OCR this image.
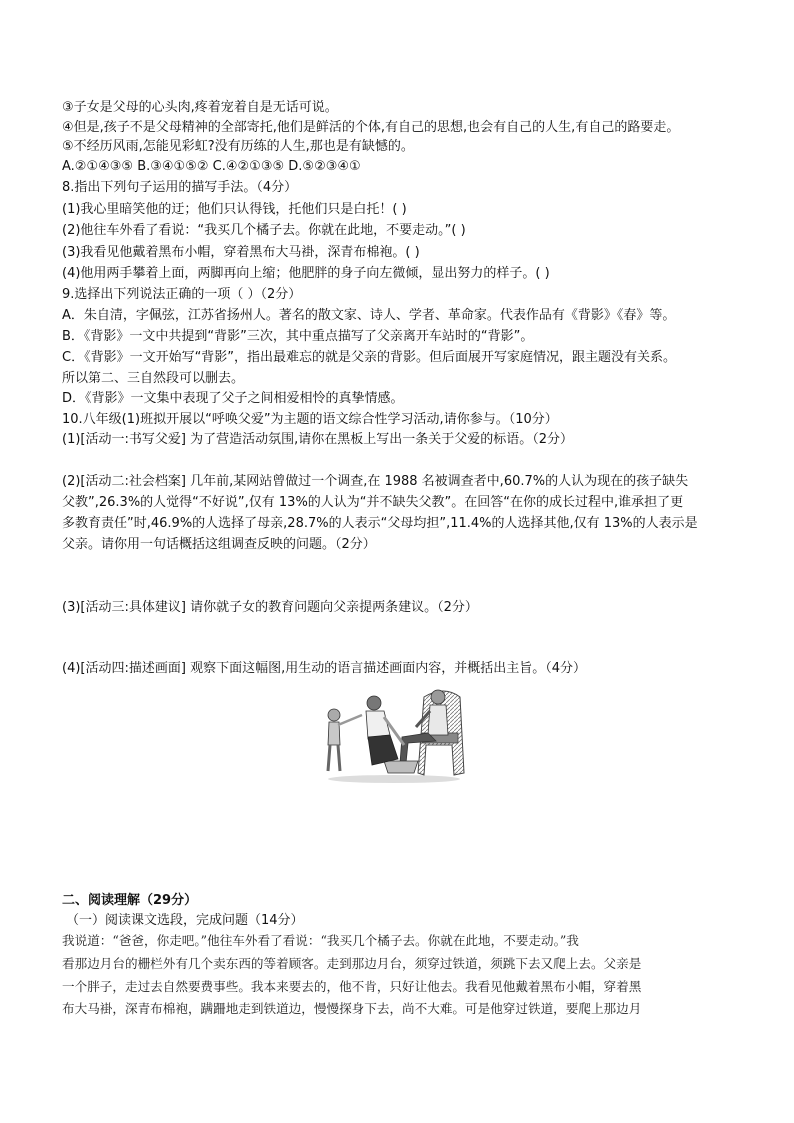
③子女是父母的心头肉,疼着宠着自是无话可说。
④但是,孩子不是父母精神的全部寄托,他们是鲜活的个体,有自己的思想,也会有自己的人生,有自己的路要走。
⑤不经历风雨,怎能见彩虹?没有历练的人生,那也是有缺憾的。
A.②①④③⑤ B.③④①⑤② C.④②①③⑤ D.⑤②③④①
8.指出下列句子运用的描写手法。（4分）
(1)我心里暗笑他的迂；他们只认得钱，托他们只是白托！( )
(2)他往车外看了看说：“我买几个橘子去。你就在此地，不要走动。”( )
(3)我看见他戴着黑布小帽，穿着黑布大马褂，深青布棉袍。( )
(4)他用两手攀着上面，两脚再向上缩；他肥胖的身子向左微倾，显出努力的样子。( )
9.选择出下列说法正确的一项（ ）（2分）
A．朱自清，字佩弦，江苏省扬州人。著名的散文家、诗人、学者、革命家。代表作品有《背影》《春》等。
B．《背影》一文中共提到“背影”三次，其中重点描写了父亲离开车站时的“背影”。
C．《背影》一文开始写“背影”，指出最难忘的就是父亲的背影。但后面展开写家庭情况，跟主题没有关系。
所以第二、三自然段可以删去。
D．《背影》一文集中表现了父子之间相爱相怜的真挚情感。
10.八年级(1)班拟开展以“呼唤父爱”为主题的语文综合性学习活动,请你参与。（10分）
(1)[活动一:书写父爱] 为了营造活动氛围,请你在黑板上写出一条关于父爱的标语。（2分）
(2)[活动二:社会档案] 几年前,某网站曾做过一个调查,在 1988 名被调查者中,60.7%的人认为现在的孩子缺失
父教”,26.3%的人觉得“不好说”,仅有 13%的人认为“并不缺失父教”。在回答“在你的成长过程中,谁承担了更
多教育责任”时,46.9%的人选择了母亲,28.7%的人表示“父母均担”,11.4%的人选择其他,仅有 13%的人表示是
父亲。请你用一句话概括这组调查反映的问题。（2分）
(3)[活动三:具体建议] 请你就子女的教育问题向父亲提两条建议。（2分）
(4)[活动四:描述画面] 观察下面这幅图,用生动的语言描述画面内容，并概括出主旨。（4分）
二、阅读理解（29分）
（一）阅读课文选段，完成问题（14分）
我说道：“爸爸，你走吧。”他往车外看了看说：“我买几个橘子去。你就在此地，不要走动。”我
看那边月台的栅栏外有几个卖东西的等着顾客。走到那边月台，须穿过铁道，须跳下去又爬上去。父亲是
一个胖子，走过去自然要费事些。我本来要去的，他不肯，只好让他去。我看见他戴着黑布小帽，穿着黑
布大马褂，深青布棉袍，蹒跚地走到铁道边，慢慢探身下去，尚不大难。可是他穿过铁道，要爬上那边月
